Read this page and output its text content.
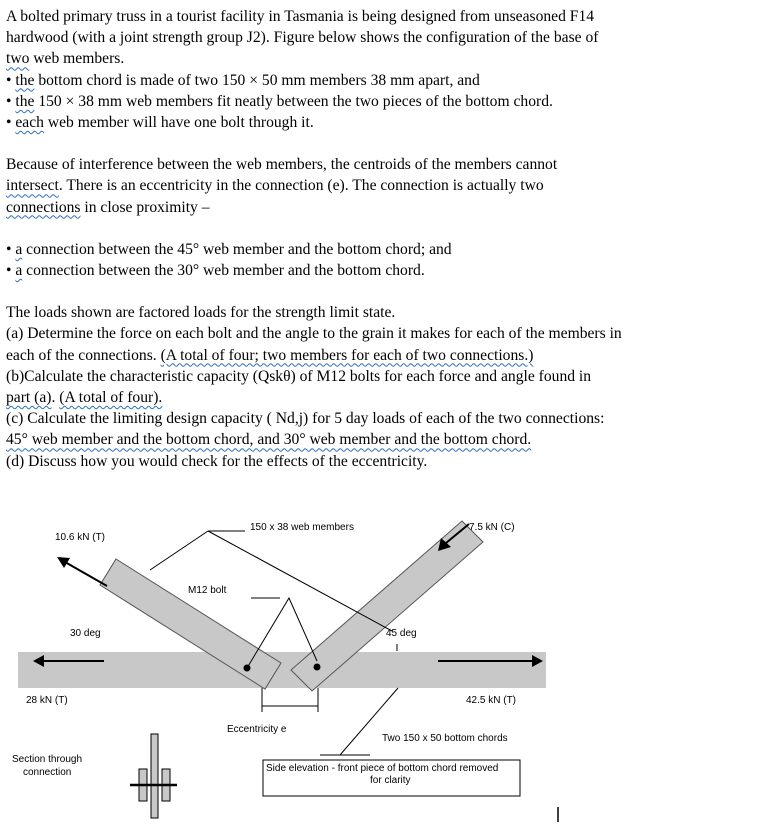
A bolted primary truss in a tourist facility in Tasmania is being designed from unseasoned F14

hardwood (with a joint strength group J2). Figure below shows the configuration of the base of

two web members.

• the bottom chord is made of two 150 × 50 mm members 38 mm apart, and

• the 150 × 38 mm web members fit neatly between the two pieces of the bottom chord.

• each web member will have one bolt through it.

Because of interference between the web members, the centroids of the members cannot

intersect. There is an eccentricity in the connection (e). The connection is actually two

connections in close proximity –

• a connection between the 45° web member and the bottom chord; and

• a connection between the 30° web member and the bottom chord.

The loads shown are factored loads for the strength limit state.

(a) Determine the force on each bolt and the angle to the grain it makes for each of the members in

each of the connections. (A total of four; two members for each of two connections.)

(b)Calculate the characteristic capacity (Qskθ) of M12 bolts for each force and angle found in

part (a). (A total of four).

(c) Calculate the limiting design capacity ( Nd,j) for 5 day loads of each of the two connections:

45° web member and the bottom chord, and 30° web member and the bottom chord.

(d) Discuss how you would check for the effects of the eccentricity.

150 x 38 web members
10.6 kN (T)
7.5 kN (C)
M12 bolt
30 deg	45 deg
28 kN (T)	42.5 kN (T)
Eccentricity e
Two 150 x 50 bottom chords
Section through
connection	Side elevation - front piece of bottom chord removed
for clarity
